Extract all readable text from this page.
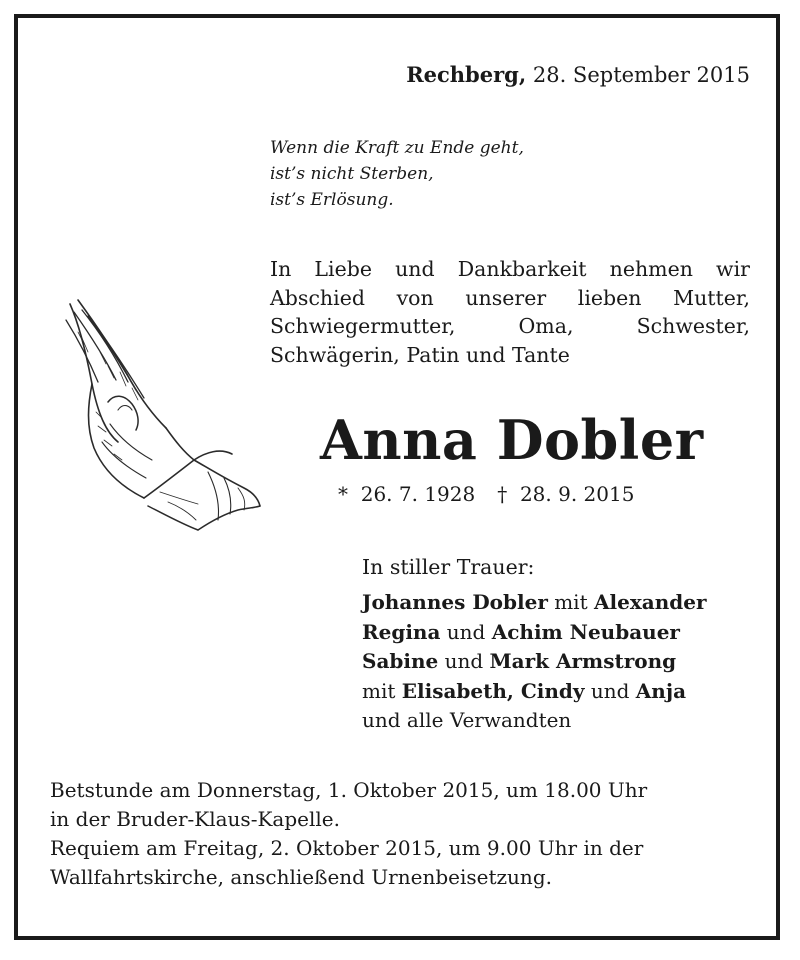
Rechberg, 28. September 2015
Wenn die Kraft zu Ende geht,
ist’s nicht Sterben,
ist’s Erlösung.
In Liebe und Dankbarkeit nehmen wir
Abschied von unserer lieben Mutter,
Schwiegermutter,	Oma,	Schwester,
Schwägerin, Patin und Tante
Anna Dobler
* 26. 7. 1928 † 28. 9. 2015
In stiller Trauer:
Johannes Dobler mit Alexander
Regina und Achim Neubauer
Sabine und Mark Armstrong
mit Elisabeth, Cindy und Anja
und alle Verwandten
Betstunde am Donnerstag, 1. Oktober 2015, um 18.00 Uhr
in der Bruder-Klaus-Kapelle.
Requiem am Freitag, 2. Oktober 2015, um 9.00 Uhr in der
Wallfahrtskirche, anschließend Urnenbeisetzung.
